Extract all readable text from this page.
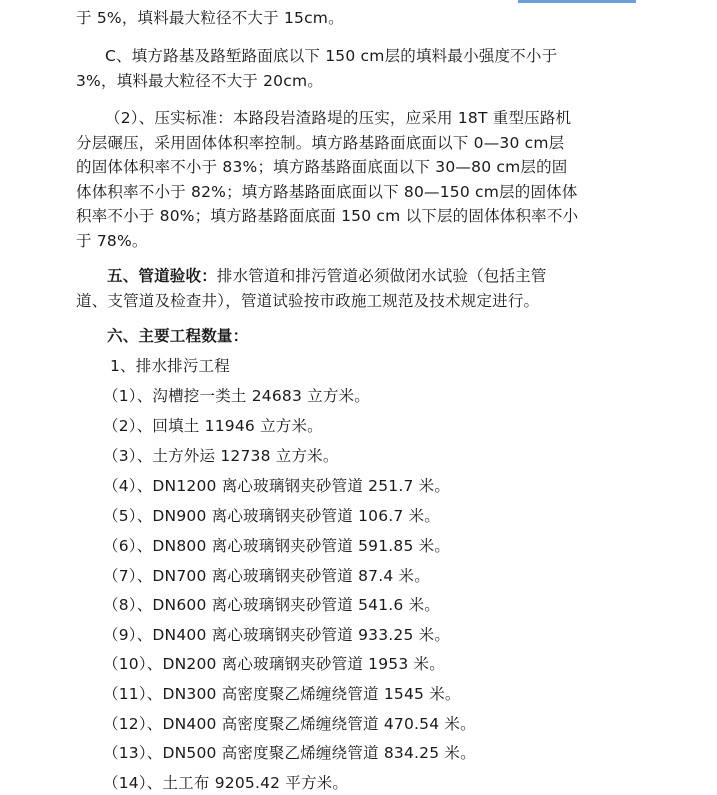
于 5%，填料最大粒径不大于 15cm。
C、填方路基及路堑路面底以下 150 cm层的填料最小强度不小于
3%，填料最大粒径不大于 20cm。
（2）、压实标准：本路段岩渣路堤的压实，应采用 18T 重型压路机
分层碾压，采用固体体积率控制。填方路基路面底面以下 0—30 cm层
的固体体积率不小于 83%；填方路基路面底面以下 30—80 cm层的固
体体积率不小于 82%；填方路基路面底面以下 80—150 cm层的固体体
积率不小于 80%；填方路基路面底面 150 cm 以下层的固体体积率不小
于 78%。
五、管道验收：排水管道和排污管道必须做闭水试验（包括主管
道、支管道及检查井），管道试验按市政施工规范及技术规定进行。
六、主要工程数量：
1、排水排污工程
（1）、沟槽挖一类土 24683 立方米。
（2）、回填土 11946 立方米。
（3）、土方外运 12738 立方米。
（4）、DN1200 离心玻璃钢夹砂管道 251.7 米。
（5）、DN900 离心玻璃钢夹砂管道 106.7 米。
（6）、DN800 离心玻璃钢夹砂管道 591.85 米。
（7）、DN700 离心玻璃钢夹砂管道 87.4 米。
（8）、DN600 离心玻璃钢夹砂管道 541.6 米。
（9）、DN400 离心玻璃钢夹砂管道 933.25 米。
（10）、DN200 离心玻璃钢夹砂管道 1953 米。
（11）、DN300 高密度聚乙烯缠绕管道 1545 米。
（12）、DN400 高密度聚乙烯缠绕管道 470.54 米。
（13）、DN500 高密度聚乙烯缠绕管道 834.25 米。
（14）、土工布 9205.42 平方米。
